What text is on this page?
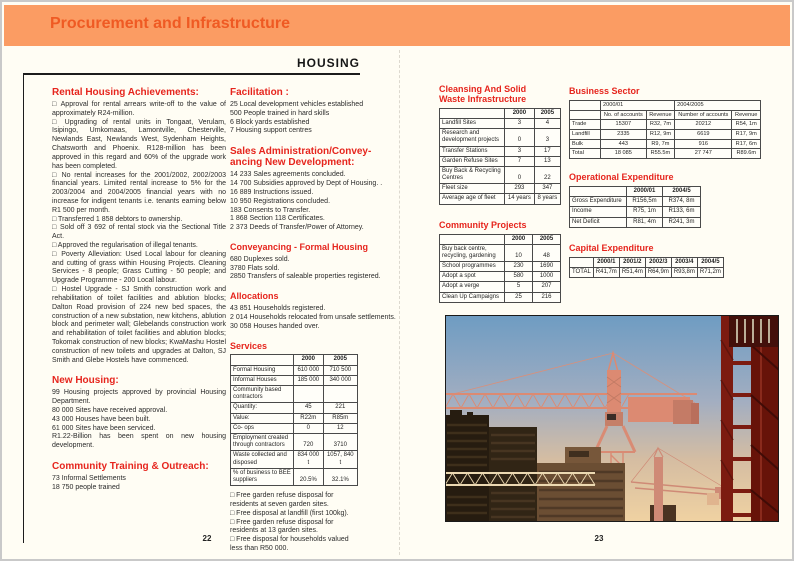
Procurement and Infrastructure
HOUSING
Rental Housing Achievements:

□ Approval for rental arrears write-off to the value of approximately R24-million.

□ Upgrading of rental units in Tongaat, Verulam, Isipingo, Umkomaas, Lamontville, Chesterville, Newlands East, Newlands West, Sydenham Heights, Chatsworth and Phoenix. R128-million has been approved in this regard and 60% of the upgrade work has been completed.

□ No rental increases for the 2001/2002, 2002/2003 financial years. Limited rental increase to 5% for the 2003/2004 and 2004/2005 financial years with no increase for indigent tenants i.e. tenants earning below R1 500 per month.

□ Transferred 1 858 debtors to ownership.

□ Sold off 3 692 of rental stock via the Sectional Title Act.

□ Approved the regularisation of illegal tenants.

□ Poverty Alleviation: Used Local labour for cleaning and cutting of grass within Housing Projects. Cleaning Services - 8 people; Grass Cutting - 50 people; and Upgrade Programme - 200 Local labour.

□ Hostel Upgrade - SJ Smith construction work and rehabilitation of toilet facilities and ablution blocks; Dalton Road provision of 224 new bed spaces, the construction of a new substation, new kitchens, ablution block and perimeter wall; Glebelands construction work and rehabilitation of toilet facilities and ablution blocks; Tokomak construction of new blocks; KwaMashu Hostel construction of new toilets and upgrades at Dalton, SJ Smith and Glebe Hostels have commenced.

New Housing:

99 Housing projects approved by provincial Housing Department.

80 000 Sites have received approval.

43 000 Houses have been built.

61 000 Sites have been serviced.

R1.22-Billion has been spent on new housing development.

Community Training & Outreach:

73 Informal Settlements

18 750 people trained

Facilitation :

25 Local development vehicles established

500 People trained in hard skills

6 Block yards established

7 Housing support centres

Sales Administration/Convey-
ancing New Development:

14 233 Sales agreements concluded.

14 700 Subsidies approved by Dept of Housing. .

16 889 Instructions issued.

10 950 Registrations concluded.

183 Consents to Transfer.

1 868 Section 118 Certificates.

2 373 Deeds of Transfer/Power of Attorney.

Conveyancing - Formal Housing

680 Duplexes sold.

3780 Flats sold.

2850 Transfers of saleable properties registered.

Allocations

43 851 Households registered.

2 014 Households relocated from unsafe settlements.

30 058 Houses handed over.

Services
	2000	2005
Formal Housing	610 000	710 500
Informal Houses	185 000	340 000
Community based contractors		
Quantity:	45	221
Value:	R22m	R85m
Co- ops	0	12
Employment created through contractors	720	3710
Waste collected and disposed	834 000 t	1057, 840 t
% of business to BEE suppliers	20.5%	32.1%

□ Free garden refuse disposal for residents at seven garden sites.

□ Free disposal at landfill (first 100kg).

□ Free garden refuse disposal for residents at 13 garden sites.

□ Free disposal for households valued less than R50 000.

Cleansing And Solid
Waste Infrastructure
	2000	2005
Landfill Sites	3	4
Research and development projects	0	3
Transfer Stations	3	17
Garden Refuse Sites	7	13
Buy Back & Recycling Centres	0	22
Fleet size	293	347
Average age of fleet	14 years	8 years
Community Projects
	2000	2005
Buy back centre, recycling, gardening	10	48
School programmes	230	1690
Adopt a spot	580	1000
Adopt a verge	5	207
Clean Up Campaigns	25	216
Business Sector
	2000/01		2004/2005	
	No. of accounts	Revenue	Number of accounts	Revenue
Trade	15307	R32, 7m	20212	R54, 1m
Landfill	2335	R12, 9m	6619	R17, 9m
Bulk	443	R9, 7m	916	R17, 6m
Total	18 085	R55.5m	27 747	R89.6m
Operational Expenditure
	2000/01	2004/5
Gross Expenditure	R156,5m	R374, 8m
Income	R75, 1m	R133, 6m
Net Deficit	R81, 4m	R241, 3m
Capital Expenditure
	2000/1	2001/2	2002/3	2003/4	2004/5
TOTAL	R41,7m	R51,4m	R64,9m	R93,8m	R71,2m
22	23
